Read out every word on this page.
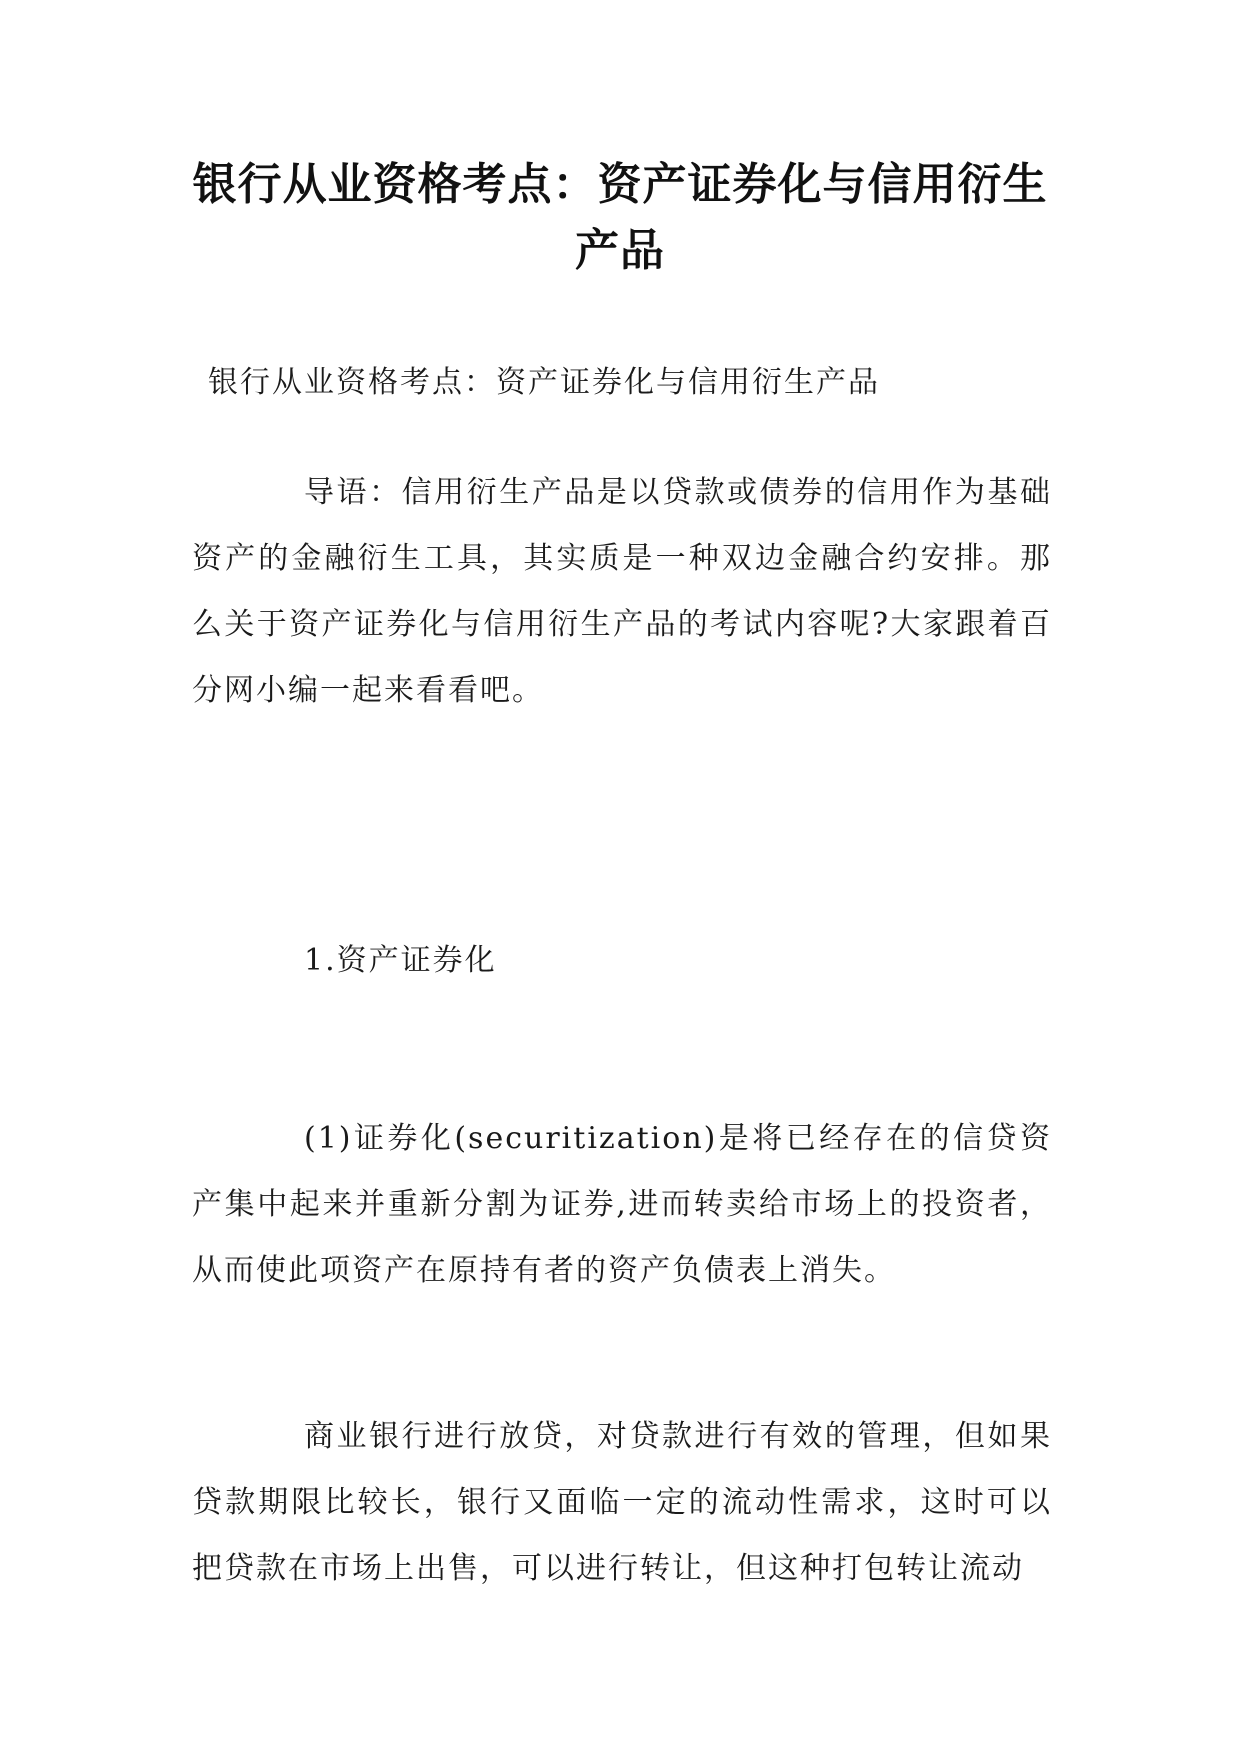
银行从业资格考点：资产证券化与信用衍生产品

银行从业资格考点：资产证券化与信用衍生产品

导语：信用衍生产品是以贷款或债券的信用作为基础资产的金融衍生工具，其实质是一种双边金融合约安排。那么关于资产证券化与信用衍生产品的考试内容呢?大家跟着百分网小编一起来看看吧。

1.资产证券化

(1)证券化(securitization)是将已经存在的信贷资产集中起来并重新分割为证券,进而转卖给市场上的投资者，从而使此项资产在原持有者的资产负债表上消失。

商业银行进行放贷，对贷款进行有效的管理，但如果贷款期限比较长，银行又面临一定的流动性需求，这时可以把贷款在市场上出售，可以进行转让，但这种打包转让流动
